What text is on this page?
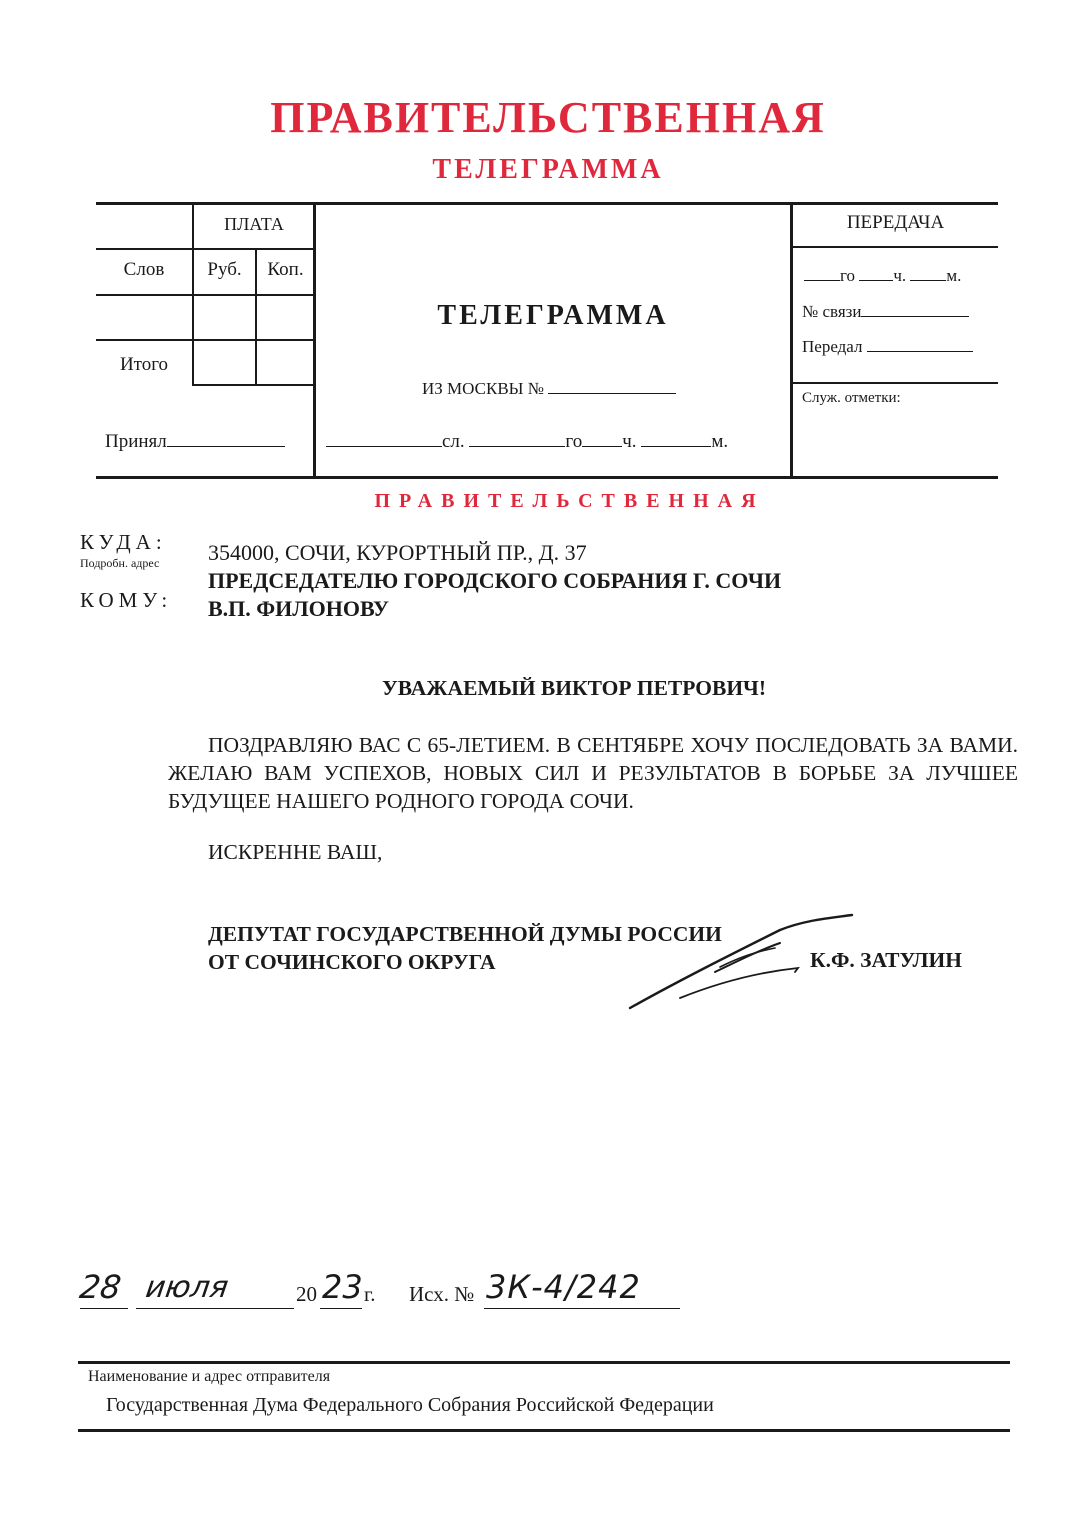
ПРАВИТЕЛЬСТВЕННАЯ
ТЕЛЕГРАММА
ПЛАТА
Слов	Руб.	Коп.
Итого
Принял
ТЕЛЕГРАММА
ИЗ МОСКВЫ №
сл.	го ч.	м.
ПЕРЕДАЧА
го ч. м.
№ связи
Передал
Служ. отметки:
ПРАВИТЕЛЬСТВЕННАЯ
КУДА:
Подробн. адрес
КОМУ:
354000, СОЧИ, КУРОРТНЫЙ ПР., Д. 37
ПРЕДСЕДАТЕЛЮ ГОРОДСКОГО СОБРАНИЯ Г. СОЧИ
В.П. ФИЛОНОВУ
УВАЖАЕМЫЙ ВИКТОР ПЕТРОВИЧ!
ПОЗДРАВЛЯЮ ВАС С 65-ЛЕТИЕМ. В СЕНТЯБРЕ ХОЧУ ПОСЛЕДОВАТЬ ЗА ВАМИ. ЖЕЛАЮ ВАМ УСПЕХОВ, НОВЫХ СИЛ И РЕЗУЛЬТАТОВ В БОРЬБЕ ЗА ЛУЧШЕЕ БУДУЩЕЕ НАШЕГО РОДНОГО ГОРОДА СОЧИ.
ИСКРЕННЕ ВАШ,
ДЕПУТАТ ГОСУДАРСТВЕННОЙ ДУМЫ РОССИИ
ОТ СОЧИНСКОГО ОКРУГА	К.Ф. ЗАТУЛИН
28 июля	20 23 г. Исх. № 3К-4/242
Наименование и адрес отправителя
Государственная Дума Федерального Собрания Российской Федерации
